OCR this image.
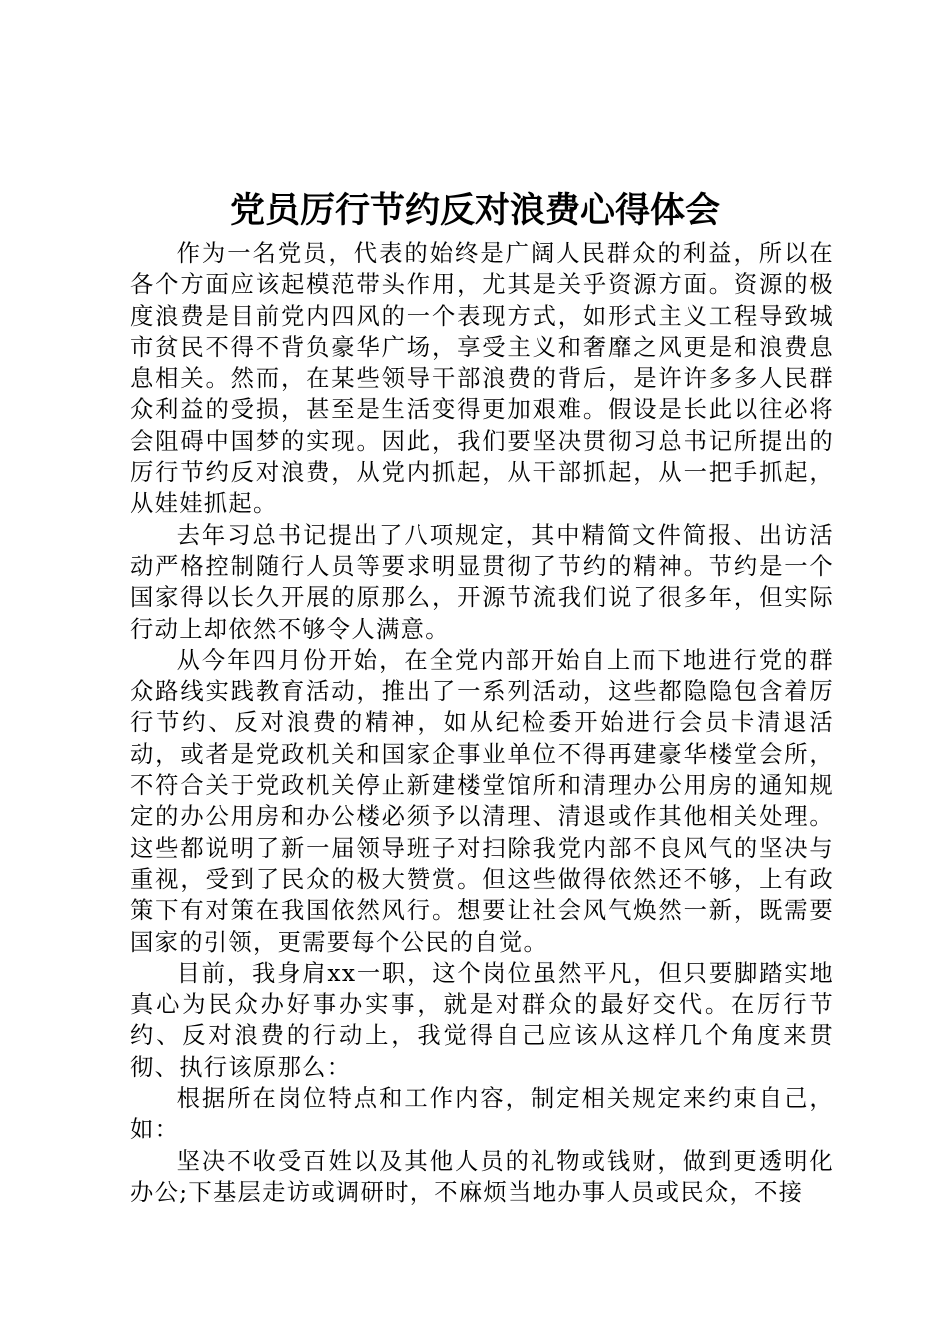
党员厉行节约反对浪费心得体会

作为一名党员，代表的始终是广阔人民群众的利益，所以在各个方面应该起模范带头作用，尤其是关乎资源方面。资源的极度浪费是目前党内四风的一个表现方式，如形式主义工程导致城市贫民不得不背负豪华广场，享受主义和奢靡之风更是和浪费息息相关。然而，在某些领导干部浪费的背后，是许许多多人民群众利益的受损，甚至是生活变得更加艰难。假设是长此以往必将会阻碍中国梦的实现。因此，我们要坚决贯彻习总书记所提出的厉行节约反对浪费，从党内抓起，从干部抓起，从一把手抓起，从娃娃抓起。

去年习总书记提出了八项规定，其中精简文件简报、出访活动严格控制随行人员等要求明显贯彻了节约的精神。节约是一个国家得以长久开展的原那么，开源节流我们说了很多年，但实际行动上却依然不够令人满意。

从今年四月份开始，在全党内部开始自上而下地进行党的群众路线实践教育活动，推出了一系列活动，这些都隐隐包含着厉行节约、反对浪费的精神，如从纪检委开始进行会员卡清退活动，或者是党政机关和国家企事业单位不得再建豪华楼堂会所，不符合关于党政机关停止新建楼堂馆所和清理办公用房的通知规定的办公用房和办公楼必须予以清理、清退或作其他相关处理。这些都说明了新一届领导班子对扫除我党内部不良风气的坚决与重视，受到了民众的极大赞赏。但这些做得依然还不够，上有政策下有对策在我国依然风行。想要让社会风气焕然一新，既需要国家的引领，更需要每个公民的自觉。

目前，我身肩xx一职，这个岗位虽然平凡，但只要脚踏实地真心为民众办好事办实事，就是对群众的最好交代。在厉行节约、反对浪费的行动上，我觉得自己应该从这样几个角度来贯彻、执行该原那么：

根据所在岗位特点和工作内容，制定相关规定来约束自己，如：

坚决不收受百姓以及其他人员的礼物或钱财，做到更透明化办公;下基层走访或调研时，不麻烦当地办事人员或民众，不接
